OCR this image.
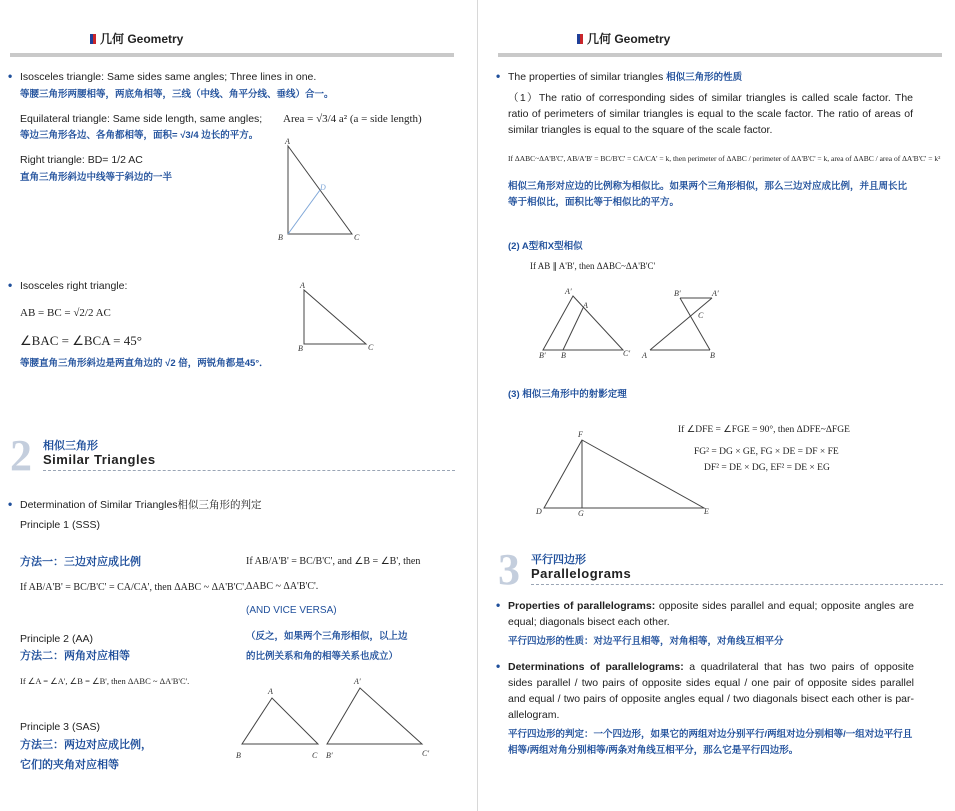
几何 Geometry
• Isosceles triangle: Same sides same angles; Three lines in one.
等腰三角形两腰相等，两底角相等，三线（中线、角平分线、垂线）合一。
Equilateral triangle: Same side length, same angles; Area = √3/4 a² (a = side length)
等边三角形各边、各角都相等，面积= √3/4 边长的平方。
Right triangle: BD= 1/2 AC
直角三角形斜边中线等于斜边的一半
A
B	C
D
• Isosceles right triangle:
AB = BC = √2/2 AC
∠BAC = ∠BCA = 45°
等腰直角三角形斜边是两直角边的 √2 倍，两锐角都是45°．
A
B	C
2 相似三角形
Similar Triangles
• Determination of Similar Triangles相似三角形的判定
Principle 1 (SSS)
方法一：三边对应成比例
If AB/A'B' = BC/B'C' = CA/CA', then ΔABC ~ ΔA'B'C'.
If AB/A'B' = BC/B'C', and ∠B = ∠B', then
ΔABC ~ ΔA'B'C'.
(AND VICE VERSA)
（反之，如果两个三角形相似，以上边
的比例关系和角的相等关系也成立）
Principle 2 (AA)
方法二：两角对应相等
If ∠A = ∠A', ∠B = ∠B', then ΔABC ~ ΔA'B'C'.
Principle 3 (SAS)
方法三：两边对应成比例，
它们的夹角对应相等
A
B	C
A′
B′	C′
几何 Geometry
• The properties of similar triangles 相似三角形的性质
（1）The ratio of corresponding sides of similar triangles is called scale factor. The ratio of perimeters of similar triangles is equal to the scale factor. The ratio of areas of similar triangles is equal to the square of the scale factor.
If ΔABC~ΔA'B'C', AB/A'B' = BC/B'C' = CA/CA' = k, then perimeter of ΔABC / perimeter of ΔA'B'C' = k, area of ΔABC / area of ΔA'B'C' = k²
相似三角形对应边的比例称为相似比。如果两个三角形相似，那么三边对应成比例，并且周长比等于相似比，面积比等于相似比的平方。
(2) A型和X型相似
If AB ∥ A'B', then ΔABC~ΔA'B'C'
A′
A
B′ B	C′
B′	A′
C
A	B
(3) 相似三角形中的射影定理
F
D	G	E
If ∠DFE = ∠FGE = 90°, then ΔDFE~ΔFGE
FG² = DG × GE, FG × DE = DF × FE
DF² = DE × DG, EF² = DE × EG
3 平行四边形
Parallelograms
• Properties of parallelograms: opposite sides parallel and equal; opposite angles are equal; diagonals bisect each other.
平行四边形的性质：对边平行且相等，对角相等，对角线互相平分
• Determinations of parallelograms: a quadrilateral that has two pairs of opposite sides parallel / two pairs of opposite sides equal / one pair of opposite sides parallel and equal / two pairs of opposite angles equal / two diagonals bisect each other is par-allelogram.
平行四边形的判定：一个四边形，如果它的两组对边分别平行/两组对边分别相等/一组对边平行且相等/两组对角分别相等/两条对角线互相平分，那么它是平行四边形。
